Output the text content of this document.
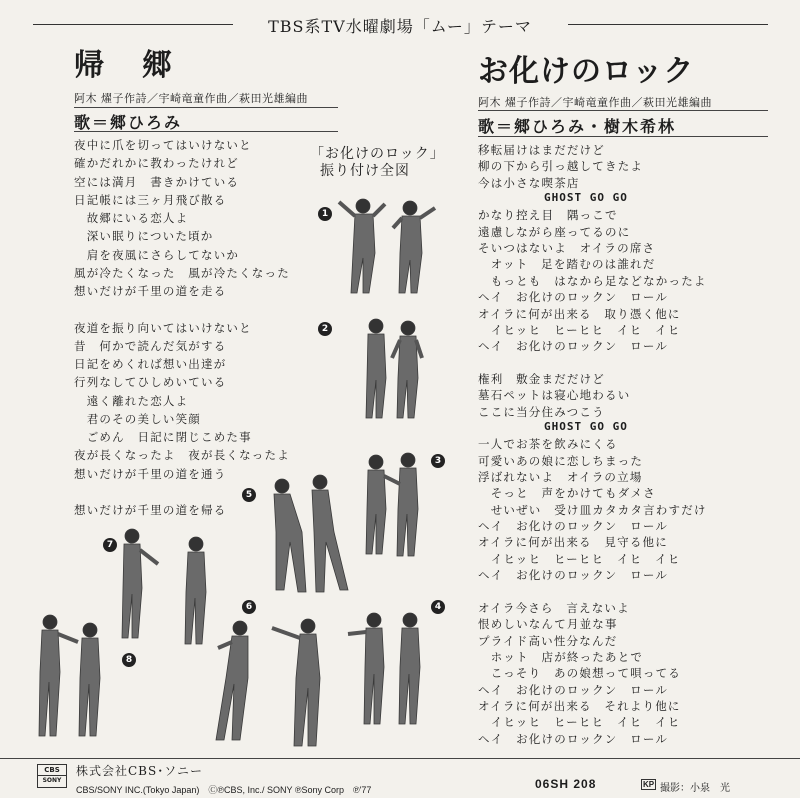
TBS系TV水曜劇場「ムー」テーマ
帰　郷
阿木 燿子作詩／宇崎竜童作曲／萩田光雄編曲
歌＝郷ひろみ
夜中に爪を切ってはいけないと
確かだれかに教わったけれど
空には満月　書きかけている
日記帳には三ヶ月飛び散る
　故郷にいる恋人よ
　深い眠りについた頃か
　肩を夜風にさらしてないか
風が冷たくなった　風が冷たくなった
想いだけが千里の道を走る
夜道を振り向いてはいけないと
昔　何かで読んだ気がする
日記をめくれば想い出達が
行列なしてひしめいている
　遠く離れた恋人よ
　君のその美しい笑顔
　ごめん　日記に閉じこめた事
夜が長くなったよ　夜が長くなったよ
想いだけが千里の道を通う
想いだけが千里の道を帰る
お化けのロック
阿木 燿子作詩／宇崎竜童作曲／萩田光雄編曲
歌＝郷ひろみ・樹木希林
移転届けはまだだけど
柳の下から引っ越してきたよ
今は小さな喫茶店
GHOST GO GO
かなり控え目　隅っこで
遠慮しながら座ってるのに
そいつはないよ　オイラの席さ
　オット　足を踏むのは誰れだ
　もっとも　はなから足などなかったよ
ヘイ　お化けのロックン　ロール
オイラに何が出来る　取り憑く他に
　イヒッヒ　ヒーヒヒ　イヒ　イヒ
ヘイ　お化けのロックン　ロール
権利　敷金まだだけど
墓石ペットは寝心地わるい
ここに当分住みつこう
GHOST GO GO
一人でお茶を飲みにくる
可愛いあの娘に恋しちまった
浮ばれないよ　オイラの立場
　そっと　声をかけてもダメさ
　せいぜい　受け皿カタカタ言わすだけ
ヘイ　お化けのロックン　ロール
オイラに何が出来る　見守る他に
　イヒッヒ　ヒーヒヒ　イヒ　イヒ
ヘイ　お化けのロックン　ロール
オイラ今さら　言えないよ
恨めしいなんて月並な事
プライド高い性分なんだ
　ホット　店が終ったあとで
　こっそり　あの娘想って唄ってる
ヘイ　お化けのロックン　ロール
オイラに何が出来る　それより他に
　イヒッヒ　ヒーヒヒ　イヒ　イヒ
ヘイ　お化けのロックン　ロール
「お化けのロック」
振り付け全図
1
2
3
4
5
6
7
8
CBS
SONY
株式会社CBS･ソニー
CBS/SONY INC.(Tokyo Japan)　Ⓒ℗CBS, Inc./ SONY ℗Sony Corp　℗'77	06SH 208	KP 撮影：小泉　光
